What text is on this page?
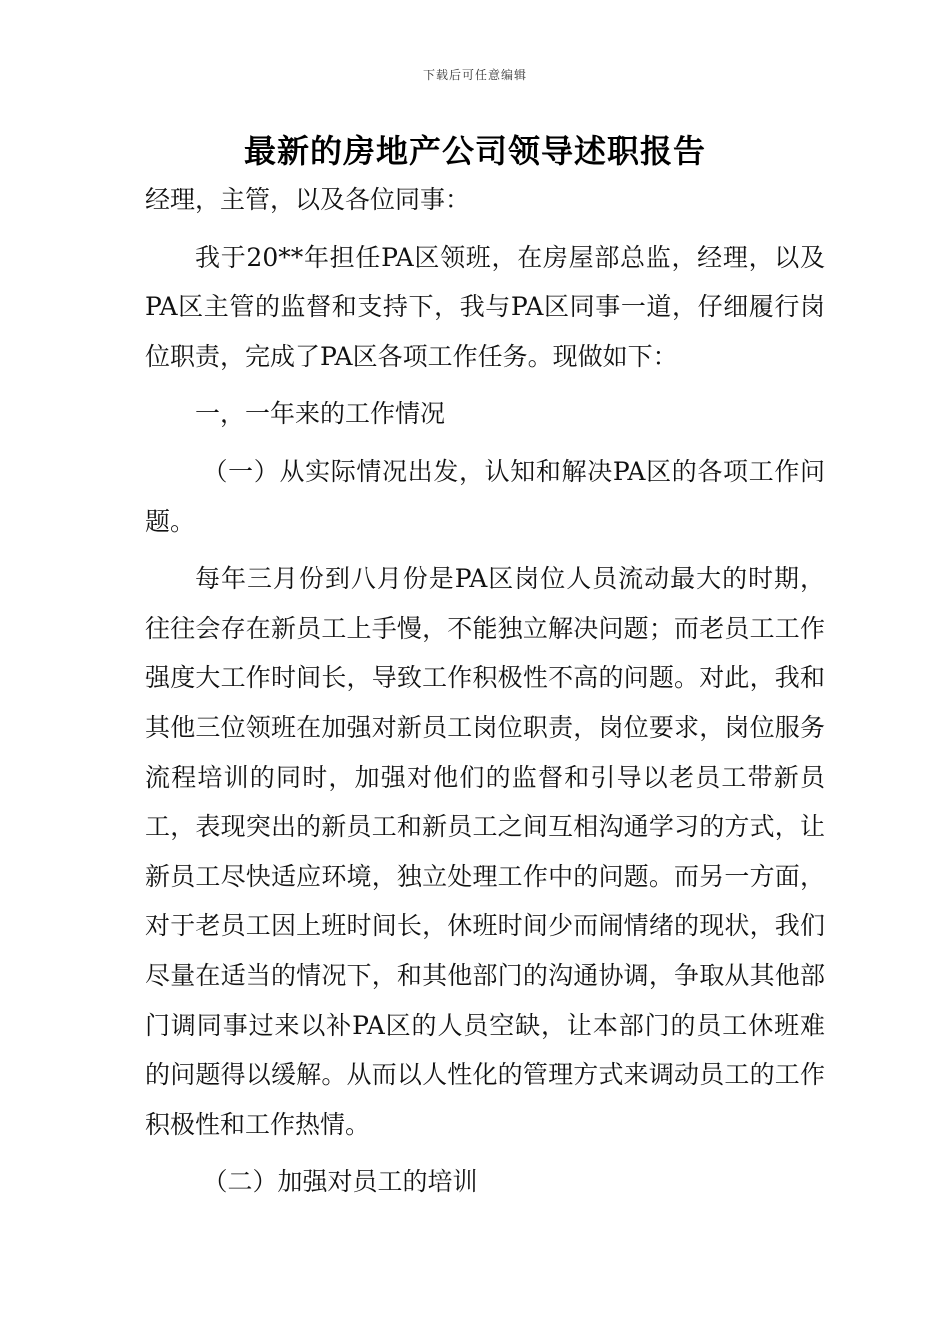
下载后可任意编辑
最新的房地产公司领导述职报告

经理，主管，以及各位同事：

我于20**年担任PA区领班，在房屋部总监，经理，以及PA区主管的监督和支持下，我与PA区同事一道，仔细履行岗位职责，完成了PA区各项工作任务。现做如下：

一，一年来的工作情况

（一）从实际情况出发，认知和解决PA区的各项工作问题。

每年三月份到八月份是PA区岗位人员流动最大的时期，往往会存在新员工上手慢，不能独立解决问题；而老员工工作强度大工作时间长，导致工作积极性不高的问题。对此，我和其他三位领班在加强对新员工岗位职责，岗位要求，岗位服务流程培训的同时，加强对他们的监督和引导以老员工带新员工，表现突出的新员工和新员工之间互相沟通学习的方式，让新员工尽快适应环境，独立处理工作中的问题。而另一方面，对于老员工因上班时间长，休班时间少而闹情绪的现状，我们尽量在适当的情况下，和其他部门的沟通协调，争取从其他部门调同事过来以补PA区的人员空缺，让本部门的员工休班难的问题得以缓解。从而以人性化的管理方式来调动员工的工作积极性和工作热情。

（二）加强对员工的培训
